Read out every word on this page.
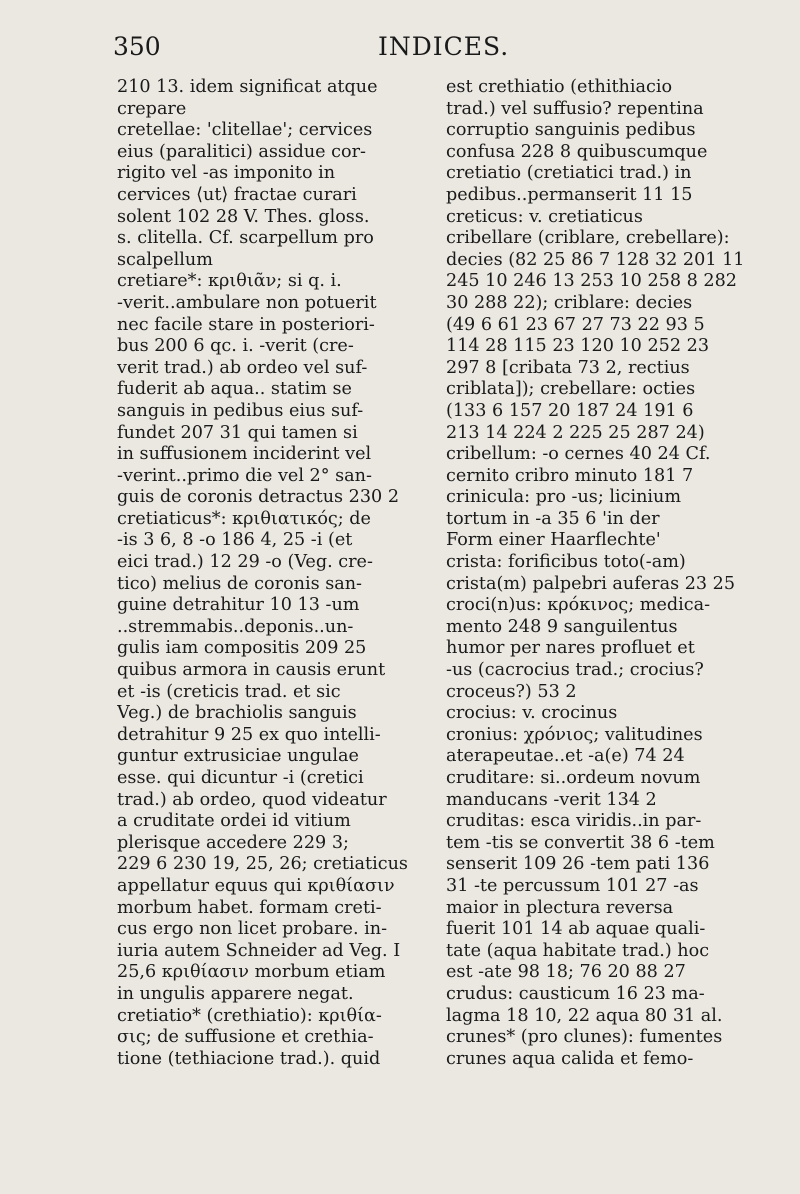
350	INDICES.
210 13. idem significat atque
crepare
cretellae: 'clitellae'; cervices
eius (paralitici) assidue cor-
rigito vel -as imponito in
cervices ⟨ut⟩ fractae curari
solent 102 28 V. Thes. gloss.
s. clitella. Cf. scarpellum pro
scalpellum
cretiare*: κριθιᾶν; si q. i.
-verit..ambulare non potuerit
nec facile stare in posteriori-
bus 200 6 qc. i. -verit (cre-
verit trad.) ab ordeo vel suf-
fuderit ab aqua.. statim se
sanguis in pedibus eius suf-
fundet 207 31 qui tamen si
in suffusionem inciderint vel
-verint..primo die vel 2° san-
guis de coronis detractus 230 2
cretiaticus*: κριθιατικός; de
-is 3 6, 8 -o 186 4, 25 -i (et
eici trad.) 12 29 -o (Veg. cre-
tico) melius de coronis san-
guine detrahitur 10 13 -um
..stremmabis..deponis..un-
gulis iam compositis 209 25
quibus armora in causis erunt
et -is (creticis trad. et sic
Veg.) de brachiolis sanguis
detrahitur 9 25 ex quo intelli-
guntur extrusiciae ungulae
esse. qui dicuntur -i (cretici
trad.) ab ordeo, quod videatur
a cruditate ordei id vitium
plerisque accedere 229 3;
229 6 230 19, 25, 26; cretiaticus
appellatur equus qui κριθίασιν
morbum habet. formam creti-
cus ergo non licet probare. in-
iuria autem Schneider ad Veg. I
25,6 κριθίασιν morbum etiam
in ungulis apparere negat.
cretiatio* (crethiatio): κριθία-
σις; de suffusione et crethia-
tione (tethiacione trad.). quid
est crethiatio (ethithiacio
trad.) vel suffusio? repentina
corruptio sanguinis pedibus
confusa 228 8 quibuscumque
cretiatio (cretiatici trad.) in
pedibus..permanserit 11 15
creticus: v. cretiaticus
cribellare (criblare, crebellare):
decies (82 25 86 7 128 32 201 11
245 10 246 13 253 10 258 8 282
30 288 22); criblare: decies
(49 6 61 23 67 27 73 22 93 5
114 28 115 23 120 10 252 23
297 8 [cribata 73 2, rectius
criblata]); crebellare: octies
(133 6 157 20 187 24 191 6
213 14 224 2 225 25 287 24)
cribellum: -o cernes 40 24 Cf.
cernito cribro minuto 181 7
crinicula: pro -us; licinium
tortum in -a 35 6 'in der
Form einer Haarflechte'
crista: forificibus toto(-am)
crista(m) palpebri auferas 23 25
croci(n)us: κρόκινος; medica-
mento 248 9 sanguilentus
humor per nares profluet et
-us (cacrocius trad.; crocius?
croceus?) 53 2
crocius: v. crocinus
cronius: χρόνιος; valitudines
aterapeutae..et -a(e) 74 24
cruditare: si..ordeum novum
manducans -verit 134 2
cruditas: esca viridis..in par-
tem -tis se convertit 38 6 -tem
senserit 109 26 -tem pati 136
31 -te percussum 101 27 -as
maior in plectura reversa
fuerit 101 14 ab aquae quali-
tate (aqua habitate trad.) hoc
est -ate 98 18; 76 20 88 27
crudus: causticum 16 23 ma-
lagma 18 10, 22 aqua 80 31 al.
crunes* (pro clunes): fumentes
crunes aqua calida et femo-
